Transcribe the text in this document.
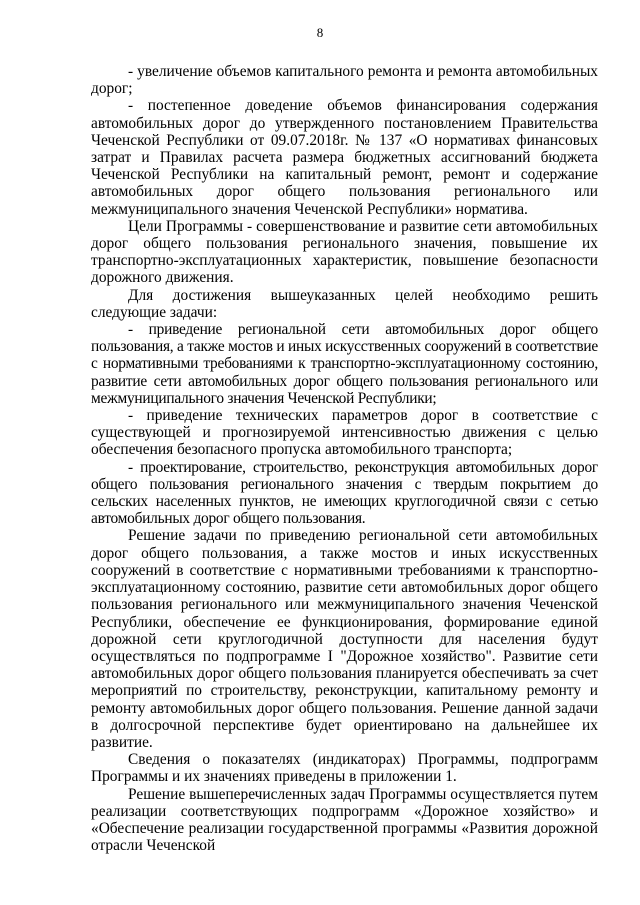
8

- увеличение объемов капитального ремонта и ремонта автомобильных дорог;

- постепенное доведение объемов финансирования содержания автомобильных дорог до утвержденного постановлением Правительства Чеченской Республики от 09.07.2018г. № 137 «О нормативах финансовых затрат и Правилах расчета размера бюджетных ассигнований бюджета Чеченской Республики на капитальный ремонт, ремонт и содержание автомобильных дорог общего пользования регионального или межмуниципального значения Чеченской Республики» норматива.

Цели Программы - совершенствование и развитие сети автомобильных дорог общего пользования регионального значения, повышение их транспортно-эксплуатационных характеристик, повышение безопасности дорожного движения.

Для достижения вышеуказанных целей необходимо решить следующие задачи:

- приведение региональной сети автомобильных дорог общего пользования, а также мостов и иных искусственных сооружений в соответствие с нормативными требованиями к транспортно-эксплуатационному состоянию, развитие сети автомобильных дорог общего пользования регионального или межмуниципального значения Чеченской Республики;

- приведение технических параметров дорог в соответствие с существующей и прогнозируемой интенсивностью движения с целью обеспечения безопасного пропуска автомобильного транспорта;

- проектирование, строительство, реконструкция автомобильных дорог общего пользования регионального значения с твердым покрытием до сельских населенных пунктов, не имеющих круглогодичной связи с сетью автомобильных дорог общего пользования.

Решение задачи по приведению региональной сети автомобильных дорог общего пользования, а также мостов и иных искусственных сооружений в соответствие с нормативными требованиями к транспортно-эксплуатационному состоянию, развитие сети автомобильных дорог общего пользования регионального или межмуниципального значения Чеченской Республики, обеспечение ее функционирования, формирование единой дорожной сети круглогодичной доступности для населения будут осуществляться по подпрограмме I "Дорожное хозяйство". Развитие сети автомобильных дорог общего пользования планируется обеспечивать за счет мероприятий по строительству, реконструкции, капитальному ремонту и ремонту автомобильных дорог общего пользования. Решение данной задачи в долгосрочной перспективе будет ориентировано на дальнейшее их развитие.

Сведения о показателях (индикаторах) Программы, подпрограмм Программы и их значениях приведены в приложении 1.

Решение вышеперечисленных задач Программы осуществляется путем реализации соответствующих подпрограмм «Дорожное хозяйство» и «Обеспечение реализации государственной программы «Развития дорожной отрасли Чеченской
